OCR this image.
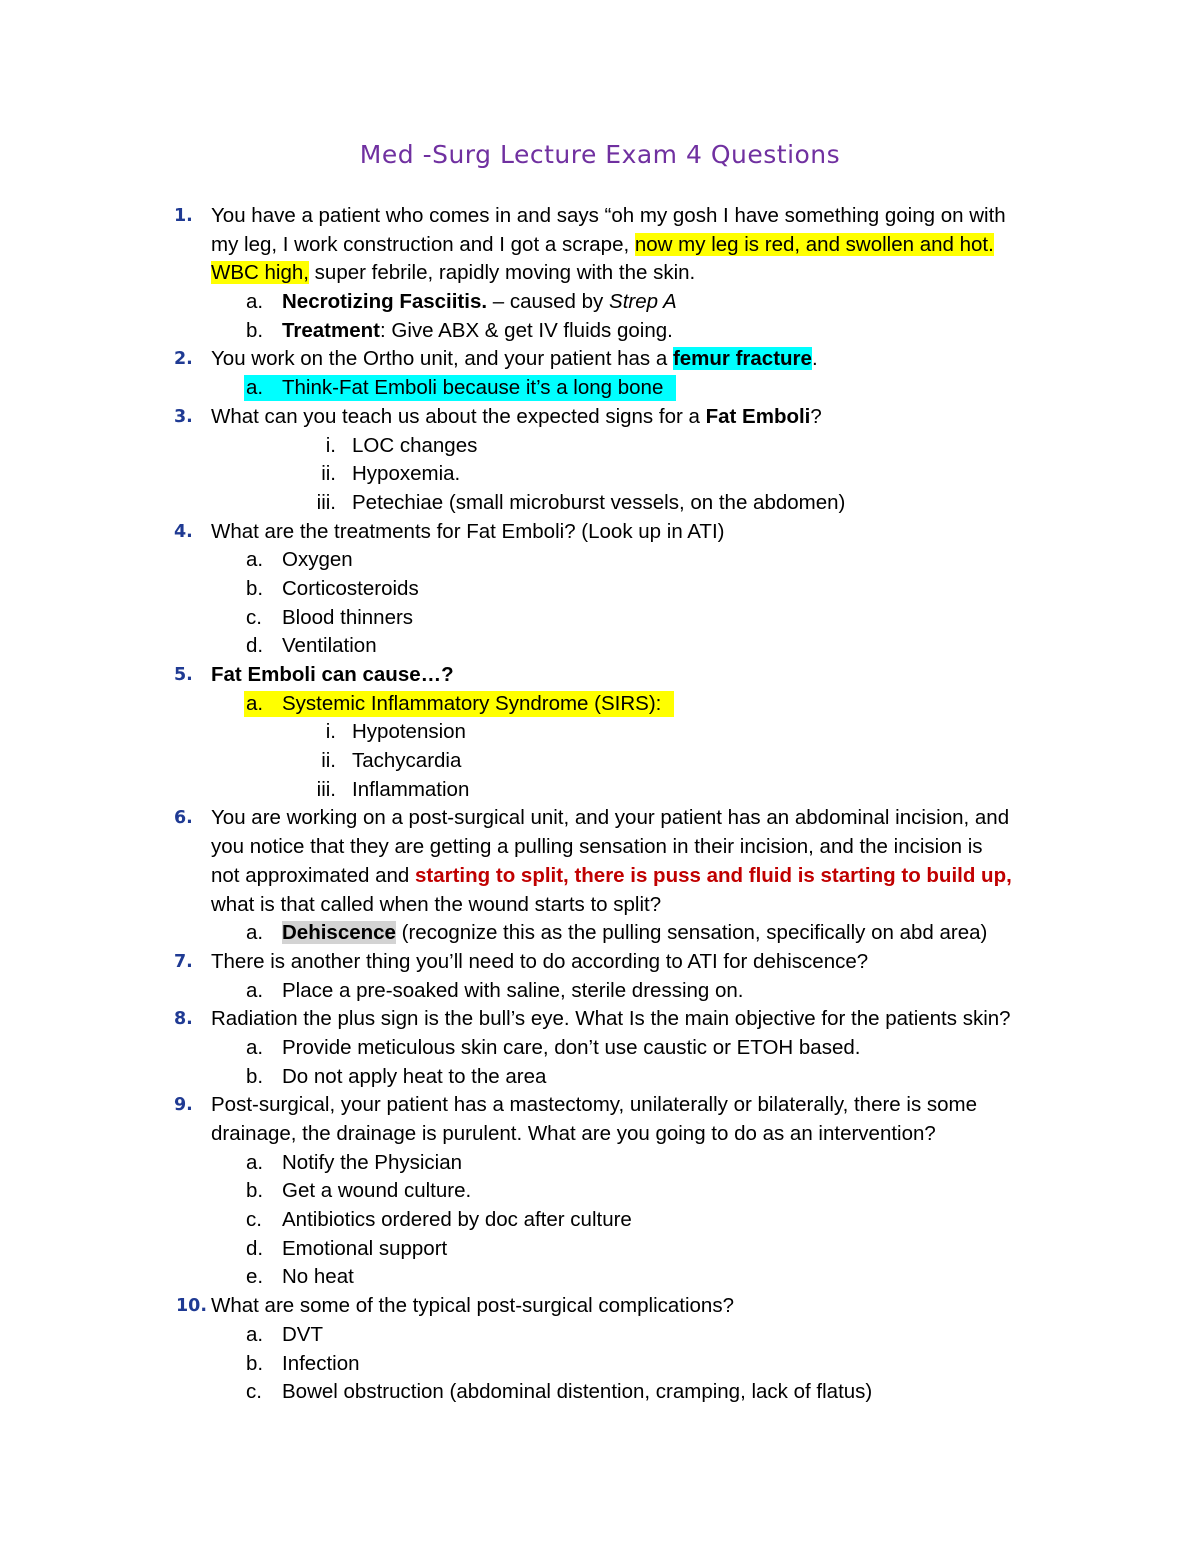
Med -Surg Lecture Exam 4 Questions
1. You have a patient who comes in and says “oh my gosh I have something going on with
my leg, I work construction and I got a scrape, now my leg is red, and swollen and hot.
WBC high, super febrile, rapidly moving with the skin.
a. Necrotizing Fasciitis. – caused by Strep A
b. Treatment: Give ABX & get IV fluids going.
2. You work on the Ortho unit, and your patient has a femur fracture.
a. Think-Fat Emboli because it’s a long bone
3. What can you teach us about the expected signs for a Fat Emboli?
i. LOC changes
ii. Hypoxemia.
iii. Petechiae (small microburst vessels, on the abdomen)
4. What are the treatments for Fat Emboli? (Look up in ATI)
a. Oxygen
b. Corticosteroids
c. Blood thinners
d. Ventilation
5. Fat Emboli can cause…?
a. Systemic Inflammatory Syndrome (SIRS):
i. Hypotension
ii. Tachycardia
iii. Inflammation
6. You are working on a post-surgical unit, and your patient has an abdominal incision, and
you notice that they are getting a pulling sensation in their incision, and the incision is
not approximated and starting to split, there is puss and fluid is starting to build up,
what is that called when the wound starts to split?
a. Dehiscence (recognize this as the pulling sensation, specifically on abd area)
7. There is another thing you’ll need to do according to ATI for dehiscence?
a. Place a pre-soaked with saline, sterile dressing on.
8. Radiation the plus sign is the bull’s eye. What Is the main objective for the patients skin?
a. Provide meticulous skin care, don’t use caustic or ETOH based.
b. Do not apply heat to the area
9. Post-surgical, your patient has a mastectomy, unilaterally or bilaterally, there is some
drainage, the drainage is purulent. What are you going to do as an intervention?
a. Notify the Physician
b. Get a wound culture.
c. Antibiotics ordered by doc after culture
d. Emotional support
e. No heat
10. What are some of the typical post-surgical complications?
a. DVT
b. Infection
c. Bowel obstruction (abdominal distention, cramping, lack of flatus)
